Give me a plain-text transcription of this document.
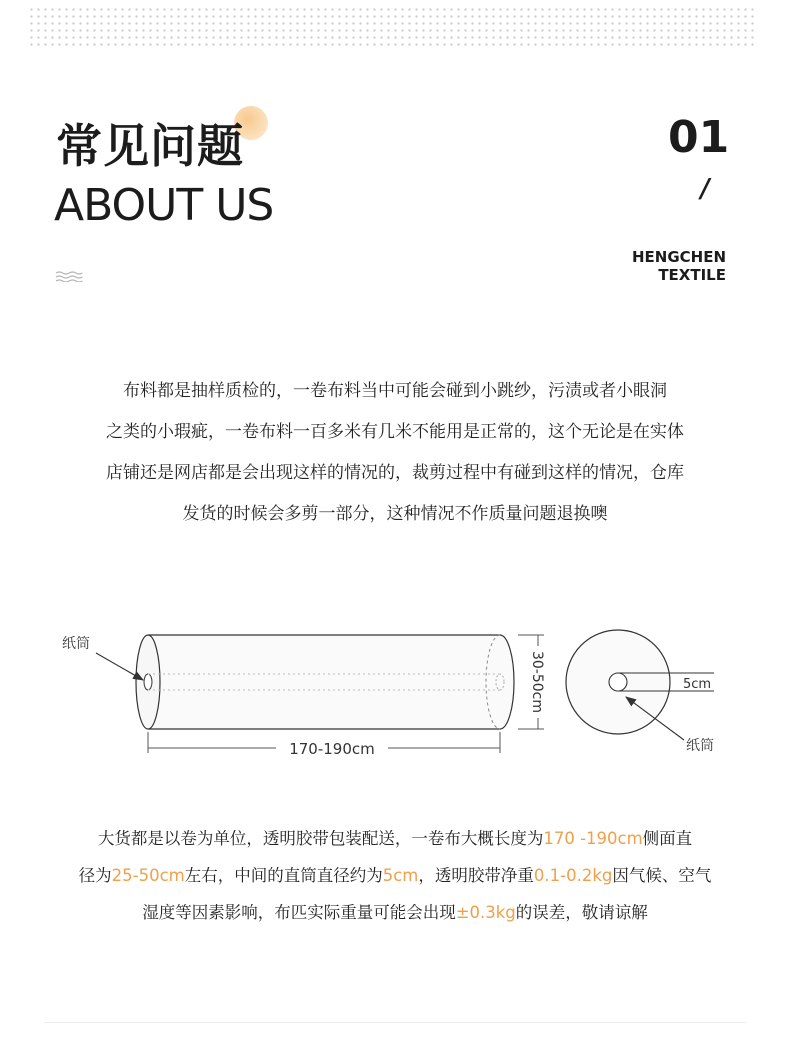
常见问题
ABOUT US
01
/
HENGCHEN
TEXTILE
布料都是抽样质检的，一卷布料当中可能会碰到小跳纱，污渍或者小眼洞
之类的小瑕疵，一卷布料一百多米有几米不能用是正常的，这个无论是在实体
店铺还是网店都是会出现这样的情况的，裁剪过程中有碰到这样的情况，仓库
发货的时候会多剪一部分，这种情况不作质量问题退换噢
纸筒
170-190cm
30-50cm	5cm
纸筒
大货都是以卷为单位，透明胶带包装配送，一卷布大概长度为170 -190cm侧面直
径为25-50cm左右，中间的直筒直径约为5cm，透明胶带净重0.1-0.2kg因气候、空气
湿度等因素影响，布匹实际重量可能会出现±0.3kg的误差，敬请谅解
